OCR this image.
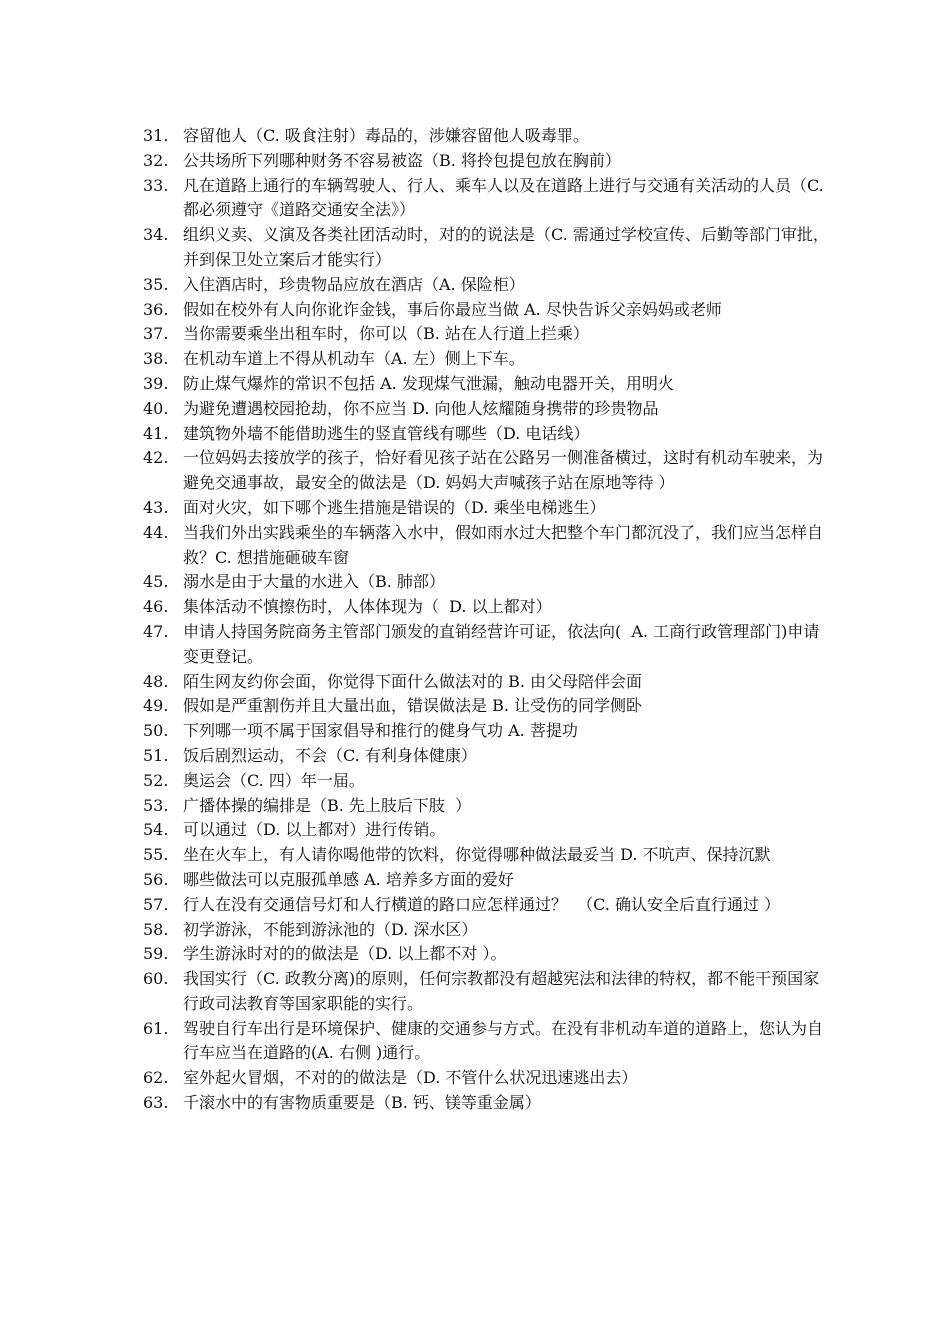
31. 容留他人（C. 吸食注射）毒品的，涉嫌容留他人吸毒罪。
32. 公共场所下列哪种财务不容易被盗（B. 将拎包提包放在胸前）
33. 凡在道路上通行的车辆驾驶人、行人、乘车人以及在道路上进行与交通有关活动的人员（C. 都必须遵守《道路交通安全法》）
34. 组织义卖、义演及各类社团活动时，对的的说法是（C. 需通过学校宣传、后勤等部门审批，并到保卫处立案后才能实行）
35. 入住酒店时，珍贵物品应放在酒店（A. 保险柜）
36. 假如在校外有人向你讹诈金钱，事后你最应当做 A. 尽快告诉父亲妈妈或老师
37. 当你需要乘坐出租车时，你可以（B. 站在人行道上拦乘）
38. 在机动车道上不得从机动车（A. 左）侧上下车。
39. 防止煤气爆炸的常识不包括 A. 发现煤气泄漏，触动电器开关，用明火
40. 为避免遭遇校园抢劫，你不应当 D. 向他人炫耀随身携带的珍贵物品
41. 建筑物外墙不能借助逃生的竖直管线有哪些（D. 电话线）
42. 一位妈妈去接放学的孩子，恰好看见孩子站在公路另一侧准备横过，这时有机动车驶来，为避免交通事故，最安全的做法是（D. 妈妈大声喊孩子站在原地等待 ）
43. 面对火灾，如下哪个逃生措施是错误的（D. 乘坐电梯逃生）
44. 当我们外出实践乘坐的车辆落入水中，假如雨水过大把整个车门都沉没了，我们应当怎样自救？C. 想措施砸破车窗
45. 溺水是由于大量的水进入（B. 肺部）
46. 集体活动不慎擦伤时，人体体现为（  D. 以上都对）
47. 申请人持国务院商务主管部门颁发的直销经营许可证，依法向(  A. 工商行政管理部门)申请变更登记。
48. 陌生网友约你会面，你觉得下面什么做法对的 B. 由父母陪伴会面
49. 假如是严重割伤并且大量出血，错误做法是 B. 让受伤的同学侧卧
50. 下列哪一项不属于国家倡导和推行的健身气功 A. 菩提功
51. 饭后剧烈运动，不会（C. 有利身体健康）
52. 奥运会（C. 四）年一届。
53. 广播体操的编排是（B. 先上肢后下肢  ）
54. 可以通过（D. 以上都对）进行传销。
55. 坐在火车上，有人请你喝他带的饮料，你觉得哪种做法最妥当 D. 不吭声、保持沉默
56. 哪些做法可以克服孤单感 A. 培养多方面的爱好
57. 行人在没有交通信号灯和人行横道的路口应怎样通过？  （C. 确认安全后直行通过 ）
58. 初学游泳，不能到游泳池的（D. 深水区）
59. 学生游泳时对的的做法是（D. 以上都不对 ）。
60. 我国实行（C. 政教分离)的原则，任何宗教都没有超越宪法和法律的特权，都不能干预国家行政司法教育等国家职能的实行。
61. 驾驶自行车出行是环境保护、健康的交通参与方式。在没有非机动车道的道路上，您认为自行车应当在道路的(A. 右侧 )通行。
62. 室外起火冒烟，不对的的做法是（D. 不管什么状况迅速逃出去）
63. 千滚水中的有害物质重要是（B. 钙、镁等重金属）
